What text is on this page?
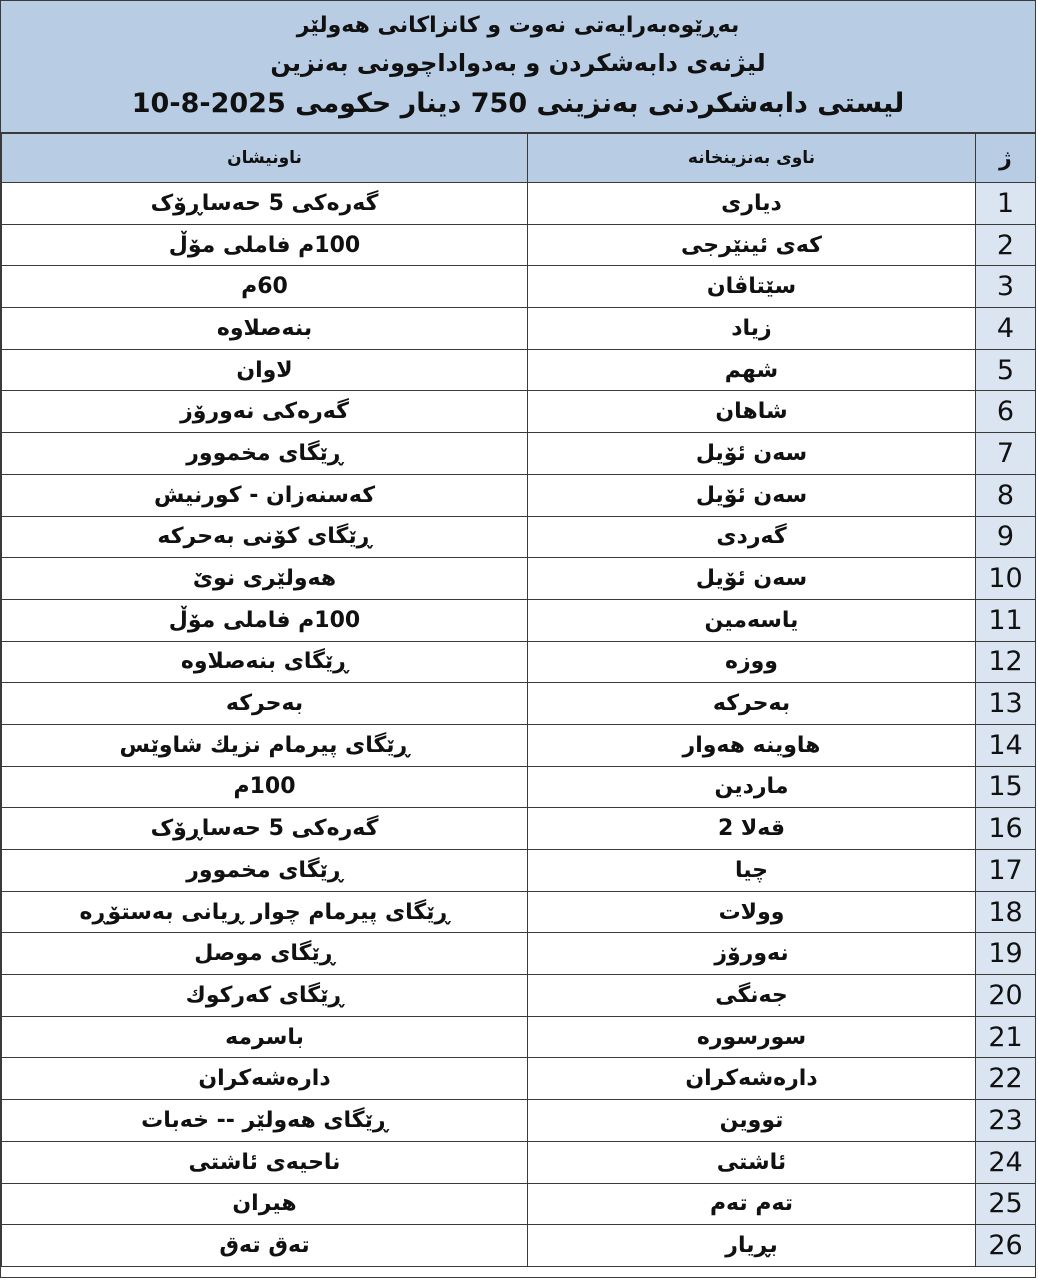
بەڕێوەبەرایەتی نەوت و کانزاکانی هەولێر
لیژنەی دابەشکردن و بەدواداچوونی بەنزین
لیستی دابەشکردنی بەنزینی 750 دینار حکومی 2025-8-10
ناونیشان	ناوی بەنزینخانە	ژ
گەرەکی 5 حەساڕۆک	دیاری	1
100م فاملی مۆڵ	کەی ئینێرجی	2
60م	سێتاڤان	3
بنەصلاوە	زیاد	4
لاوان	شهم	5
گەرەکی نەورۆز	شاهان	6
ڕێگای مخموور	سەن ئۆیل	7
کەسنەزان - کورنیش	سەن ئۆیل	8
ڕێگای کۆنی بەحرکە	گەردی	9
هەولێری نوێ	سەن ئۆیل	10
100م فاملی مۆڵ	یاسەمین	11
ڕێگای بنەصلاوە	ووزە	12
بەحرکە	بەحرکە	13
ڕێگای پیرمام نزیك شاوێس	هاوینە هەوار	14
100م	ماردین	15
گەرەکی 5 حەساڕۆک	قەلا 2	16
ڕێگای مخموور	چیا	17
ڕێگای پیرمام چوار ڕیانی بەستۆڕە	وولات	18
ڕێگای موصل	نەورۆز	19
ڕێگای کەرکوك	جەنگی	20
باسرمە	سورسورە	21
دارەشەکران	دارەشەکران	22
ڕێگای هەولێر -- خەبات	تووین	23
ناحیەی ئاشتی	ئاشتی	24
هیران	تەم تەم	25
تەق تەق	بڕیار	26
